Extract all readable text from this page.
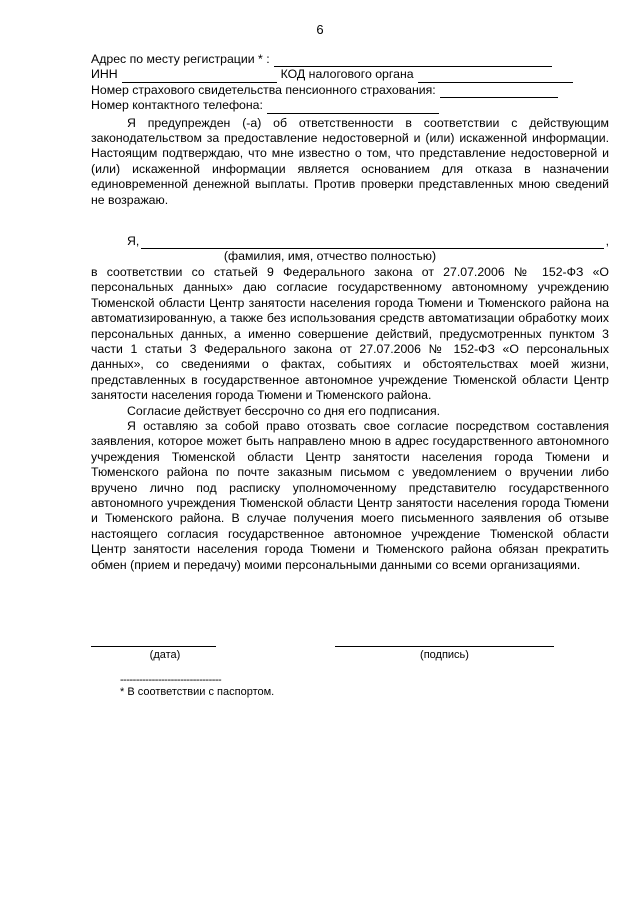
6
Адрес по месту регистрации * :
ИНН	КОД налогового органа
Номер страхового свидетельства пенсионного страхования:
Номер контактного телефона:

Я предупрежден (-а) об ответственности в соответствии с действующим законодательством за предоставление недостоверной и (или) искаженной информации. Настоящим подтверждаю, что мне известно о том, что представление недостоверной и (или) искаженной информации является основанием для отказа в назначении единовременной денежной выплаты. Против проверки представленных мною сведений не возражаю.

Я,	,
(фамилия, имя, отчество полностью)

в соответствии со статьей 9 Федерального закона от 27.07.2006 № 152-ФЗ «О персональных данных» даю согласие государственному автономному учреждению Тюменской области Центр занятости населения города Тюмени и Тюменского района на автоматизированную, а также без использования средств автоматизации обработку моих персональных данных, а именно совершение действий, предусмотренных пунктом 3 части 1 статьи 3 Федерального закона от 27.07.2006 № 152-ФЗ «О персональных данных», со сведениями о фактах, событиях и обстоятельствах моей жизни, представленных в государственное автономное учреждение Тюменской области Центр занятости населения города Тюмени и Тюменского района.

Согласие действует бессрочно со дня его подписания.

Я оставляю за собой право отозвать свое согласие посредством составления заявления, которое может быть направлено мною в адрес государственного автономного учреждения Тюменской области Центр занятости населения города Тюмени и Тюменского района по почте заказным письмом с уведомлением о вручении либо вручено лично под расписку уполномоченному представителю государственного автономного учреждения Тюменской области Центр занятости населения города Тюмени и Тюменского района. В случае получения моего письменного заявления об отзыве настоящего согласия государственное автономное учреждение Тюменской области Центр занятости населения города Тюмени и Тюменского района обязан прекратить обмен (прием и передачу) моими персональными данными со всеми организациями.

(дата)	(подпись)
--------------------------------
* В соответствии с паспортом.
